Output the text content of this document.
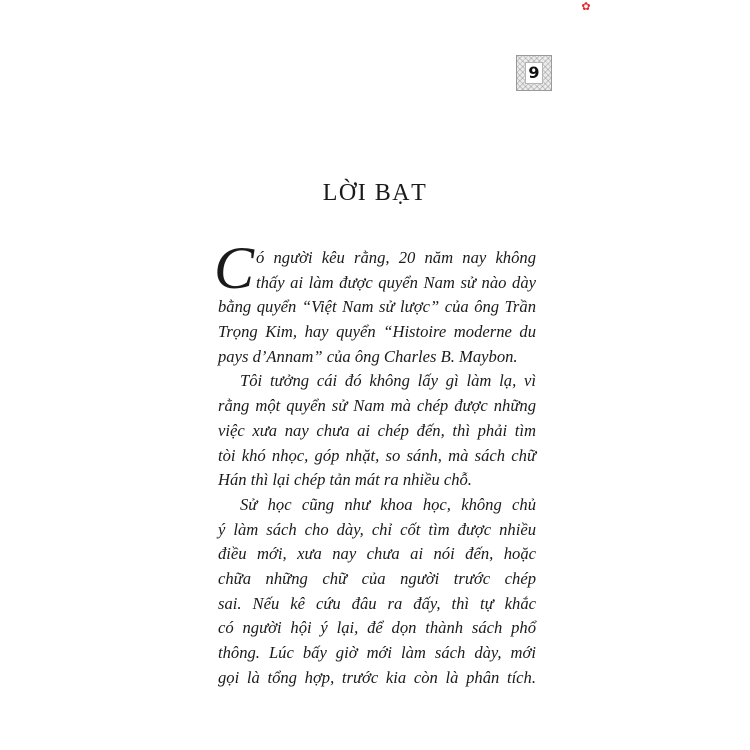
✿
9
LỜI BẠT
C ó người kêu rằng, 20 năm nay không
thấy ai làm được quyển Nam sử nào dày
bằng quyển “Việt Nam sử lược” của ông Trần
Trọng Kim, hay quyển “Histoire moderne du
pays d’Annam” của ông Charles B. Maybon.
Tôi tưởng cái đó không lấy gì làm lạ, vì
rằng một quyển sử Nam mà chép được những
việc xưa nay chưa ai chép đến, thì phải tìm
tòi khó nhọc, góp nhặt, so sánh, mà sách chữ
Hán thì lại chép tản mát ra nhiều chỗ.
Sử học cũng như khoa học, không chủ
ý làm sách cho dày, chỉ cốt tìm được nhiều
điều mới, xưa nay chưa ai nói đến, hoặc
chữa những chữ của người trước chép
sai. Nếu kê cứu đâu ra đấy, thì tự khắc
có người hội ý lại, để dọn thành sách phổ
thông. Lúc bấy giờ mới làm sách dày, mới
gọi là tổng hợp, trước kia còn là phân tích.
